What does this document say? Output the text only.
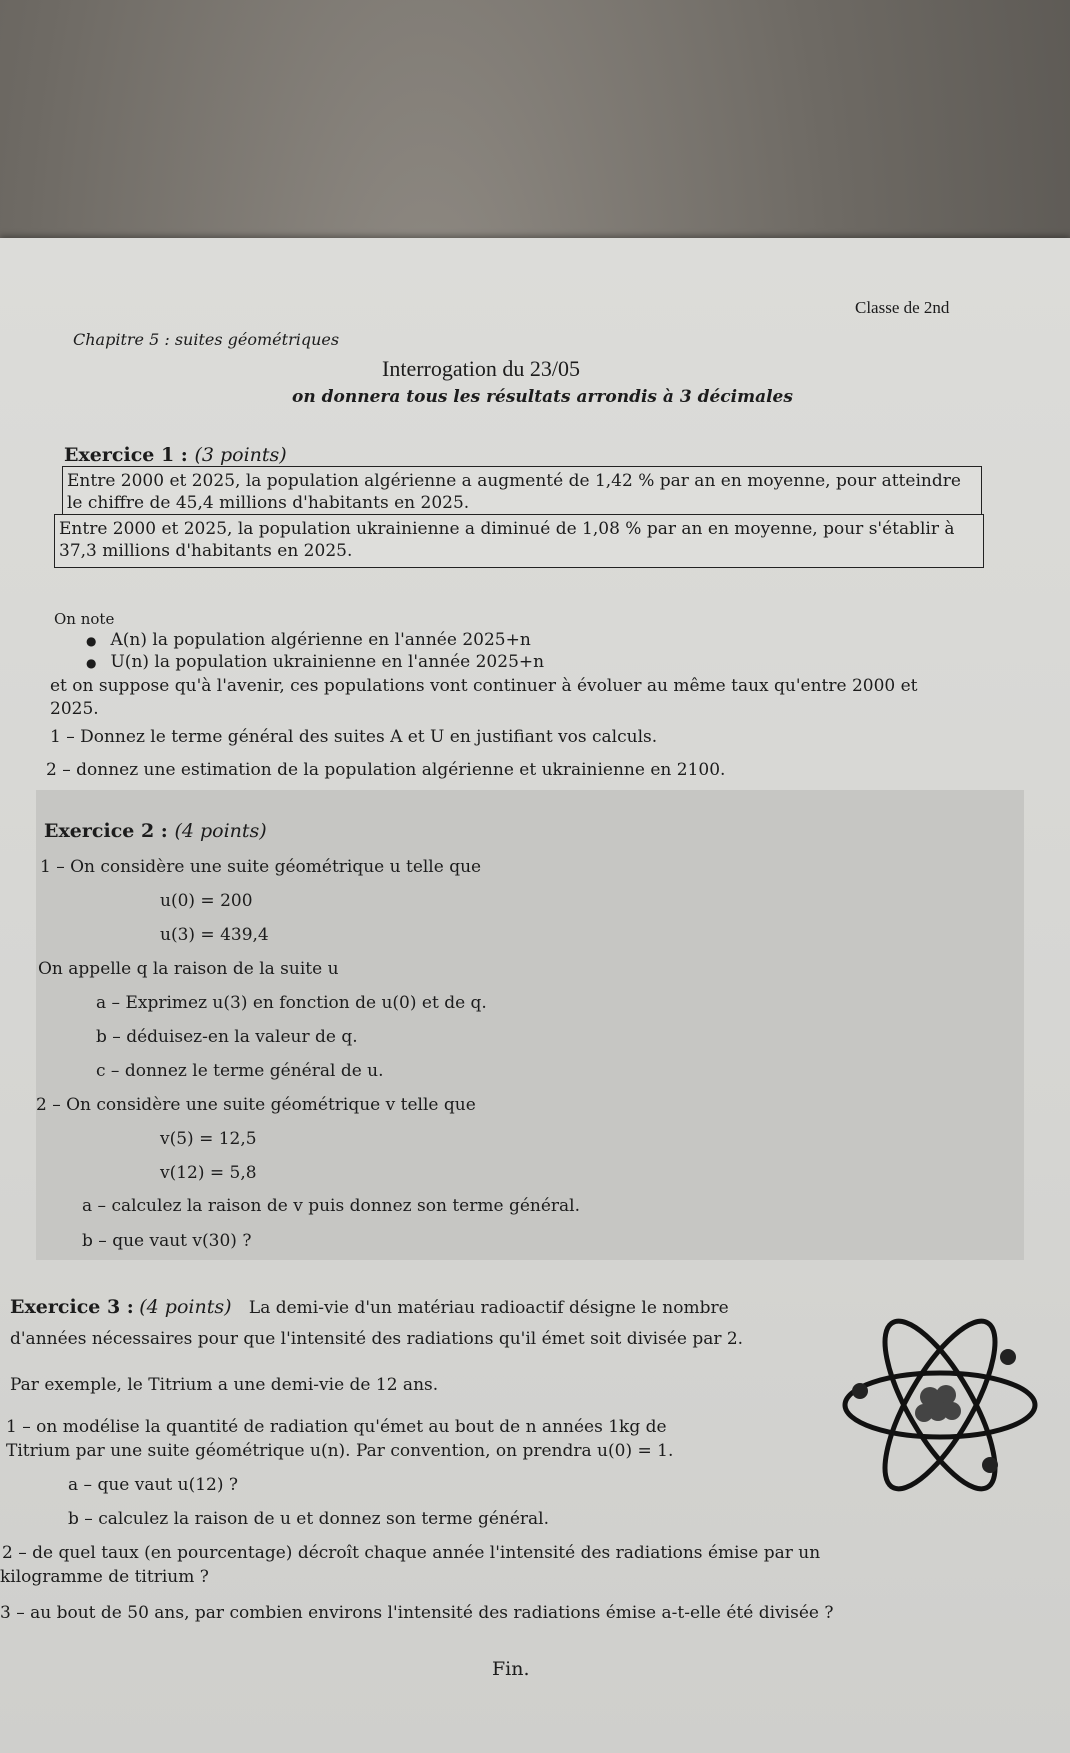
Classe de 2nd
Chapitre 5 : suites géométriques
Interrogation du 23/05
on donnera tous les résultats arrondis à 3 décimales
Exercice 1 : (3 points)
Entre 2000 et 2025, la population algérienne a augmenté de 1,42 % par an en moyenne, pour atteindre
le chiffre de 45,4 millions d'habitants en 2025.
Entre 2000 et 2025, la population ukrainienne a diminué de 1,08 % par an en moyenne, pour s'établir à
37,3 millions d'habitants en 2025.
On note
● A(n) la population algérienne en l'année 2025+n
● U(n) la population ukrainienne en l'année 2025+n
et on suppose qu'à l'avenir, ces populations vont continuer à évoluer au même taux qu'entre 2000 et
2025.
1 – Donnez le terme général des suites A et U en justifiant vos calculs.
2 – donnez une estimation de la population algérienne et ukrainienne en 2100.
Exercice 2 : (4 points)
1 – On considère une suite géométrique u telle que
u(0) = 200
u(3) = 439,4
On appelle q la raison de la suite u
a – Exprimez u(3) en fonction de u(0) et de q.
b – déduisez-en la valeur de q.
c – donnez le terme général de u.
2 – On considère une suite géométrique v telle que
v(5) = 12,5
v(12) = 5,8
a – calculez la raison de v puis donnez son terme général.
b – que vaut v(30) ?
Exercice 3 : (4 points) La demi-vie d'un matériau radioactif désigne le nombre
d'années nécessaires pour que l'intensité des radiations qu'il émet soit divisée par 2.
Par exemple, le Titrium a une demi-vie de 12 ans.
1 – on modélise la quantité de radiation qu'émet au bout de n années 1kg de
Titrium par une suite géométrique u(n). Par convention, on prendra u(0) = 1.
a – que vaut u(12) ?
b – calculez la raison de u et donnez son terme général.
2 – de quel taux (en pourcentage) décroît chaque année l'intensité des radiations émise par un
kilogramme de titrium ?
3 – au bout de 50 ans, par combien environs l'intensité des radiations émise a-t-elle été divisée ?
Fin.
